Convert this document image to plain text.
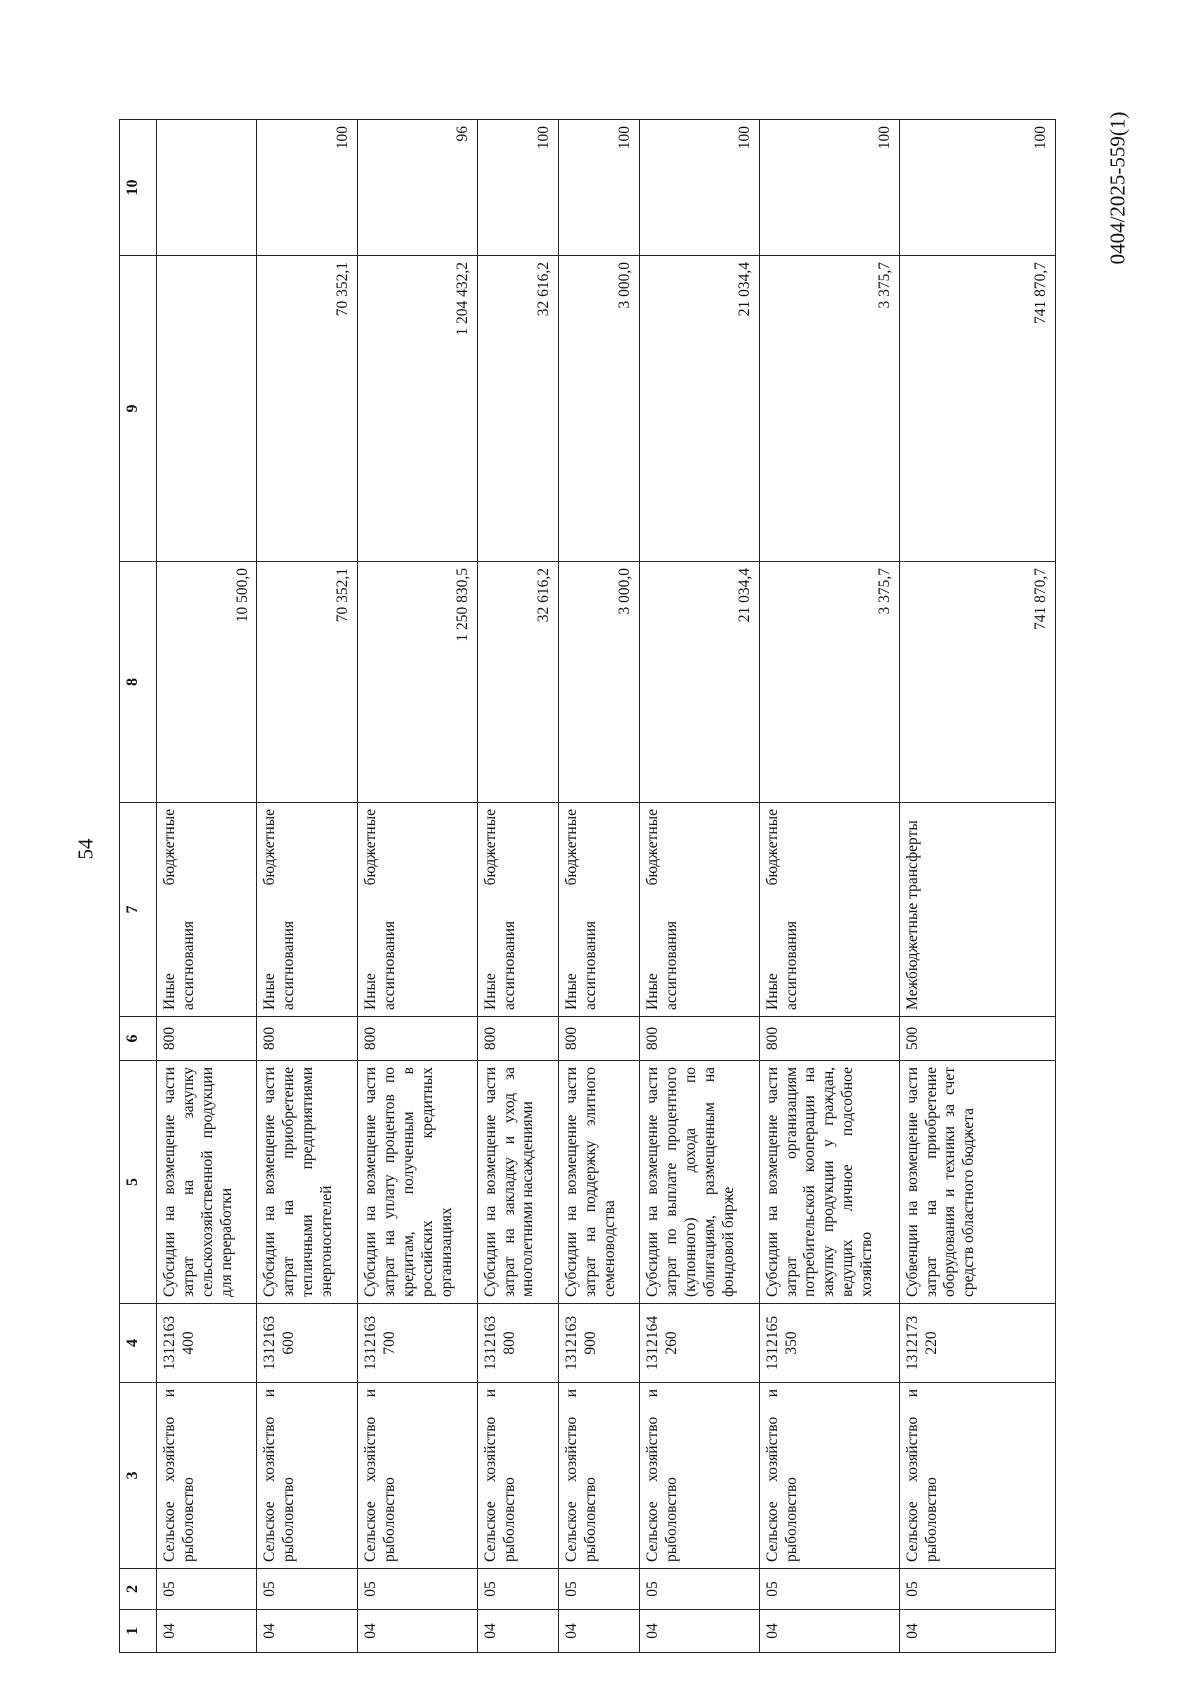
54
0404/2025-559(1)
1	2	3	4	5	6	7	8	9	10
04	05	Сельское хозяйство и рыболовство	1312163 400	Субсидии на возмещение части затрат на закупку сельскохозяйственной продукции для переработки	800	Иные бюджетные ассигнования	10 500,0		
04	05	Сельское хозяйство и рыболовство	1312163 600	Субсидии на возмещение части затрат на приобретение тепличными предприятиями энергоносителей	800	Иные бюджетные ассигнования	70 352,1	70 352,1	100
04	05	Сельское хозяйство и рыболовство	1312163 700	Субсидии на возмещение части затрат на уплату процентов по кредитам, полученным в российских кредитных организациях	800	Иные бюджетные ассигнования	1 250 830,5	1 204 432,2	96
04	05	Сельское хозяйство и рыболовство	1312163 800	Субсидии на возмещение части затрат на закладку и уход за многолетними насаждениями	800	Иные бюджетные ассигнования	32 616,2	32 616,2	100
04	05	Сельское хозяйство и рыболовство	1312163 900	Субсидии на возмещение части затрат на поддержку элитного семеноводства	800	Иные бюджетные ассигнования	3 000,0	3 000,0	100
04	05	Сельское хозяйство и рыболовство	1312164 260	Субсидии на возмещение части затрат по выплате процентного (купонного) дохода по облигациям, размещенным на фондовой бирже	800	Иные бюджетные ассигнования	21 034,4	21 034,4	100
04	05	Сельское хозяйство и рыболовство	1312165 350	Субсидии на возмещение части затрат организациям потребительской кооперации на закупку продукции у граждан, ведущих личное подсобное хозяйство	800	Иные бюджетные ассигнования	3 375,7	3 375,7	100
04	05	Сельское хозяйство и рыболовство	1312173 220	Субвенции на возмещение части затрат на приобретение оборудования и техники за счет средств областного бюджета	500	Межбюджетные трансферты	741 870,7	741 870,7	100
